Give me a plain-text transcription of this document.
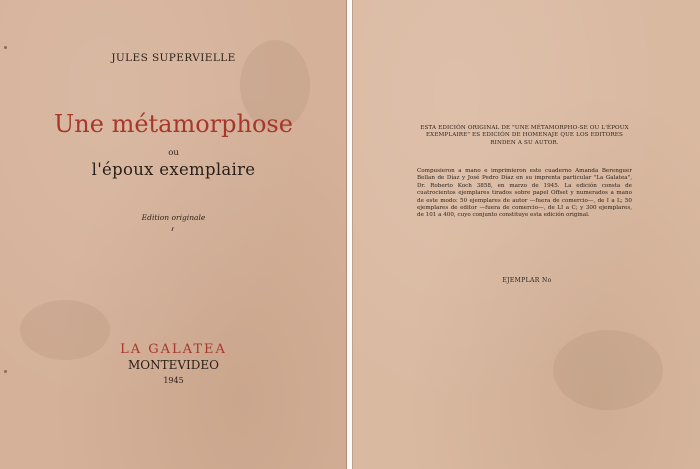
JULES SUPERVIELLE
Une métamorphose
ou
l'époux exemplaire
Edition originale
LA GALATEA
MONTEVIDEO
1945

ESTA EDICIÓN ORIGINAL DE "UNE MÉTAMORPHO-SE OU L'ÉPOUX EXEMPLAIRE" ES EDICIÓN DE HOMENAJE QUE LOS EDITORES RINDEN A SU AUTOR.

Compusieron a mano e imprimieron este cuaderno Amanda Berenguer Bellan de Díaz y José Pedro Díaz en su imprenta particular "La Galatea", Dr. Roberto Koch 3858, en marzo de 1945. La edición consta de cuatrocientos ejemplares tirados sobre papel Offset y numerados a mano de este modo: 50 ejemplares de autor —fuera de comercio—, de I a L; 50 ejemplares de editor —fuera de comercio—, de LI a C; y 300 ejemplares, de 101 a 400, cuyo conjunto constituye esta edición original.

EJEMPLAR No
